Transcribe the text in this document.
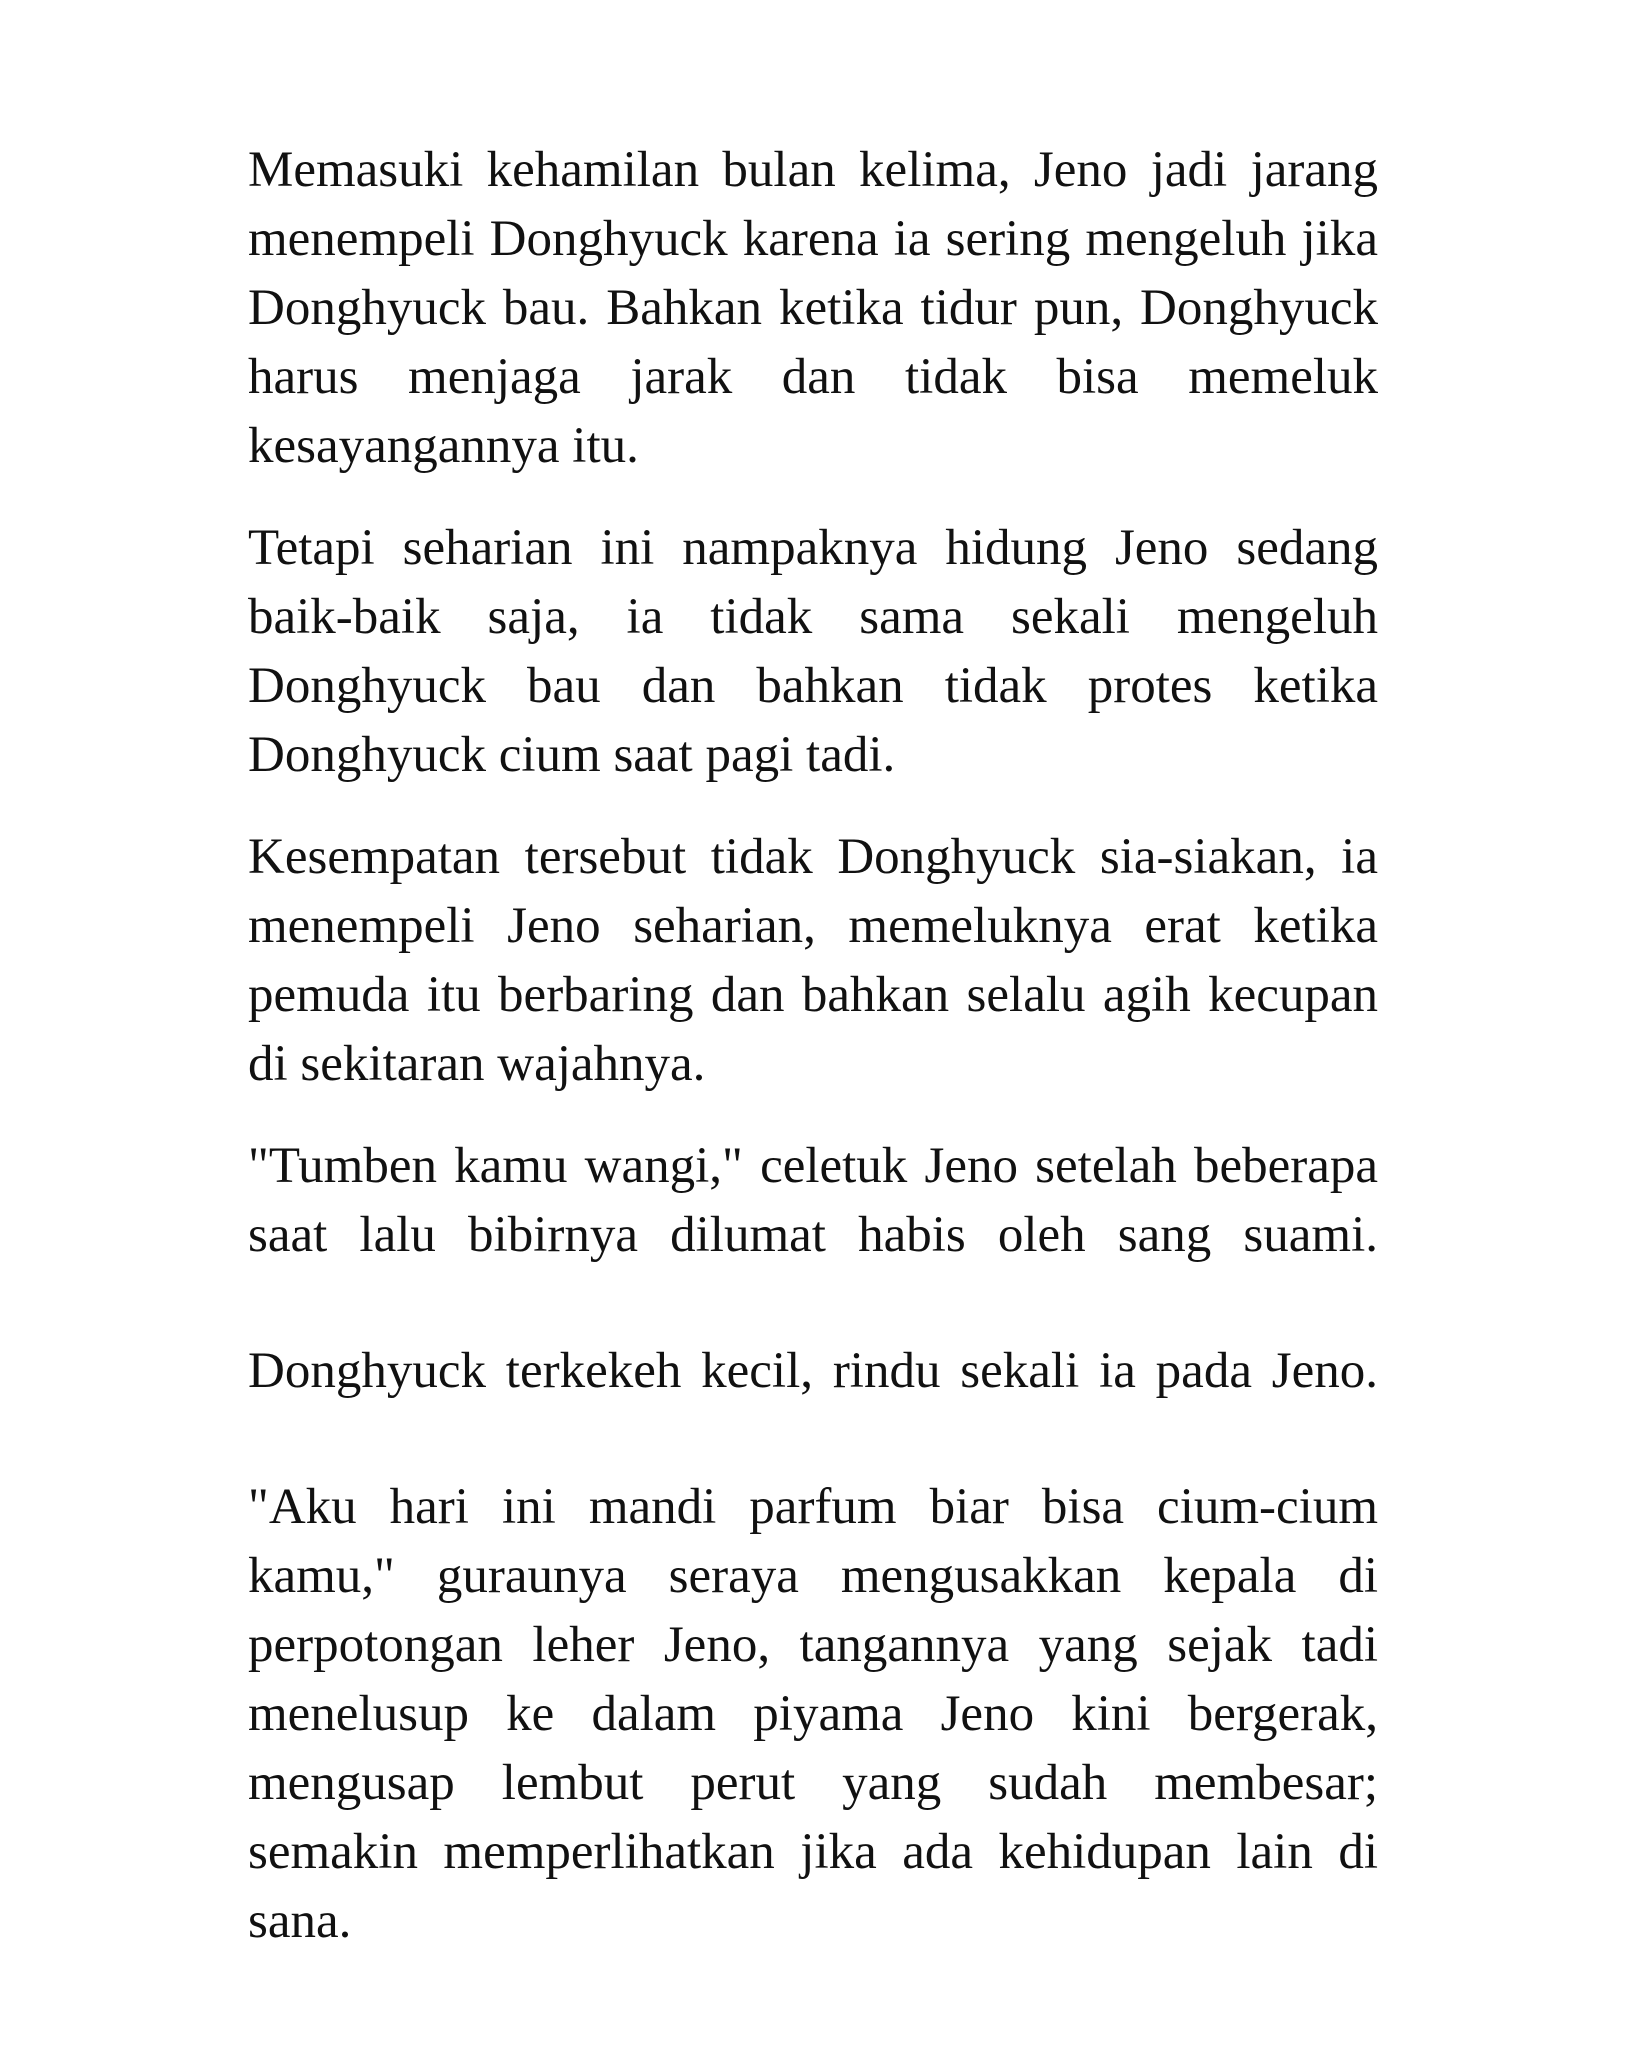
Memasuki kehamilan bulan kelima, Jeno jadi jarang menempeli Donghyuck karena ia sering mengeluh jika Donghyuck bau. Bahkan ketika tidur pun, Donghyuck harus menjaga jarak dan tidak bisa memeluk kesayangannya itu.

Tetapi seharian ini nampaknya hidung Jeno sedang baik-baik saja, ia tidak sama sekali mengeluh Donghyuck bau dan bahkan tidak protes ketika Donghyuck cium saat pagi tadi.

Kesempatan tersebut tidak Donghyuck sia-siakan, ia menempeli Jeno seharian, memeluknya erat ketika pemuda itu berbaring dan bahkan selalu agih kecupan di sekitaran wajahnya.

"Tumben kamu wangi," celetuk Jeno setelah beberapa saat lalu bibirnya dilumat habis oleh sang suami.

Donghyuck terkekeh kecil, rindu sekali ia pada Jeno.

"Aku hari ini mandi parfum biar bisa cium-cium kamu," guraunya seraya mengusakkan kepala di perpotongan leher Jeno, tangannya yang sejak tadi menelusup ke dalam piyama Jeno kini bergerak, mengusap lembut perut yang sudah membesar; semakin memperlihatkan jika ada kehidupan lain di sana.
